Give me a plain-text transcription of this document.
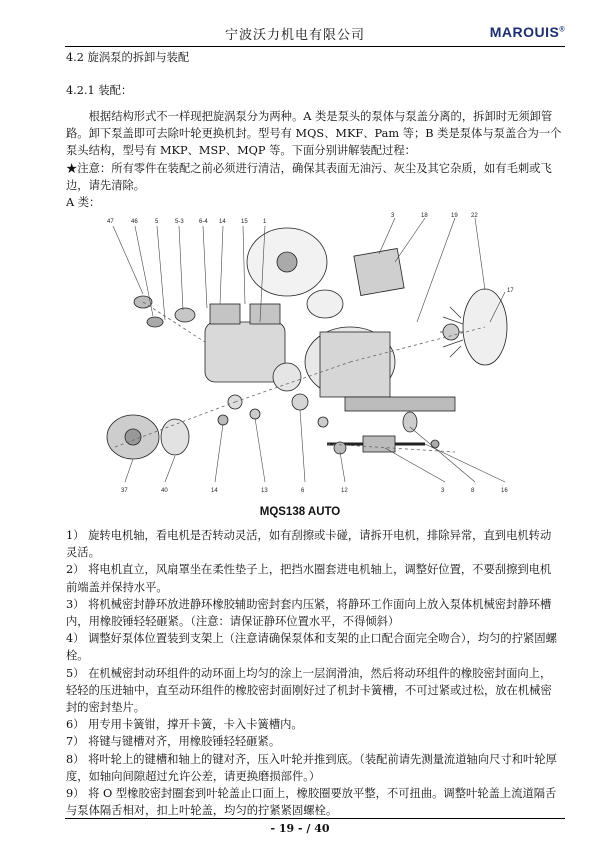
宁波沃力机电有限公司	MAROUIS®
4.2 旋涡泵的拆卸与装配
4.2.1 装配：
根据结构形式不一样现把旋涡泵分为两种。A 类是泵头的泵体与泵盖分离的，拆卸时无须卸管路。卸下泵盖即可去除叶轮更换机封。型号有 MQS、MKF、Pam 等；B 类是泵体与泵盖合为一个泵头结构，型号有 MKP、MSP、MQP 等。下面分别讲解装配过程：
★注意：所有零件在装配之前必须进行清洁，确保其表面无油污、灰尘及其它杂质，如有毛刺或飞边，请先清除。
A 类：
47	46	5	5-3	6-4 14	15	1
3	18	19 22
17
16
8
3
12
6
13
14
40
37
MQS138 AUTO

1） 旋转电机轴，看电机是否转动灵活，如有刮擦或卡碰，请拆开电机，排除异常，直到电机转动灵活。

2） 将电机直立，风扇罩坐在柔性垫子上，把挡水圈套进电机轴上，调整好位置，不要刮擦到电机前端盖并保持水平。

3） 将机械密封静环放进静环橡胶辅助密封套内压紧，将静环工作面向上放入泵体机械密封静环槽内，用橡胶锤轻轻砸紧。（注意：请保证静环位置水平，不得倾斜）

4） 调整好泵体位置装到支架上（注意请确保泵体和支架的止口配合面完全吻合），均匀的拧紧固螺栓。

5） 在机械密封动环组件的动环面上均匀的涂上一层润滑油，然后将动环组件的橡胶密封面向上，轻轻的压进轴中，直至动环组件的橡胶密封面刚好过了机封卡簧槽，不可过紧或过松，放在机械密封的密封垫片。

6） 用专用卡簧钳，撑开卡簧，卡入卡簧槽内。

7） 将键与键槽对齐，用橡胶锤轻轻砸紧。

8） 将叶轮上的键槽和轴上的键对齐，压入叶轮并推到底。（装配前请先测量流道轴向尺寸和叶轮厚度，如轴向间隙超过允许公差，请更换磨损部件。）

9） 将 O 型橡胶密封圈套到叶轮盖止口面上，橡胶圈要放平整，不可扭曲。调整叶轮盖上流道隔舌与泵体隔舌相对，扣上叶轮盖，均匀的拧紧紧固螺栓。

- 19 - / 40
